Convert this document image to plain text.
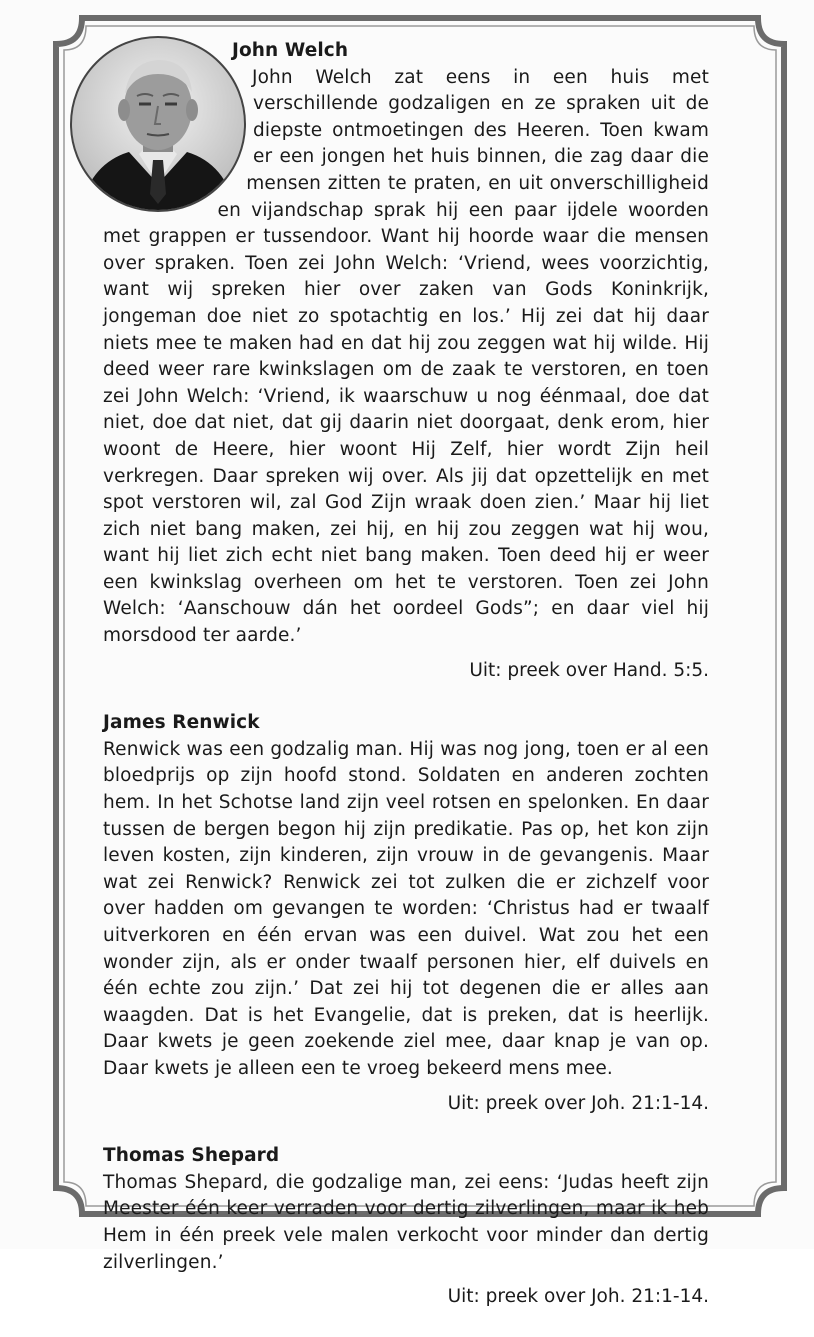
John Welch

John Welch zat eens in een huis met verschillende godzaligen en ze spraken uit de diepste ontmoetingen des Heeren. Toen kwam er een jongen het huis binnen, die zag daar die mensen zitten te praten, en uit onverschilligheid en vijandschap sprak hij een paar ijdele woorden met grappen er tussendoor. Want hij hoorde waar die mensen over spraken. Toen zei John Welch: ‘Vriend, wees voorzichtig, want wij spreken hier over zaken van Gods Koninkrijk, jongeman doe niet zo spotachtig en los.’ Hij zei dat hij daar niets mee te maken had en dat hij zou zeggen wat hij wilde. Hij deed weer rare kwinkslagen om de zaak te verstoren, en toen zei John Welch: ‘Vriend, ik waarschuw u nog éénmaal, doe dat niet, doe dat niet, dat gij daarin niet doorgaat, denk erom, hier woont de Heere, hier woont Hij Zelf, hier wordt Zijn heil verkregen. Daar spreken wij over. Als jij dat opzettelijk en met spot verstoren wil, zal God Zijn wraak doen zien.’ Maar hij liet zich niet bang maken, zei hij, en hij zou zeggen wat hij wou, want hij liet zich echt niet bang maken. Toen deed hij er weer een kwinkslag overheen om het te verstoren. Toen zei John Welch: ‘Aanschouw dán het oordeel Gods”; en daar viel hij morsdood ter aarde.’

Uit: preek over Hand. 5:5.

James Renwick

Renwick was een godzalig man. Hij was nog jong, toen er al een bloedprijs op zijn hoofd stond. Soldaten en anderen zochten hem. In het Schotse land zijn veel rotsen en spelonken. En daar tussen de bergen begon hij zijn predikatie. Pas op, het kon zijn leven kosten, zijn kinderen, zijn vrouw in de gevangenis. Maar wat zei Renwick? Renwick zei tot zulken die er zichzelf voor over hadden om gevangen te worden: ‘Christus had er twaalf uitverkoren en één ervan was een duivel. Wat zou het een wonder zijn, als er onder twaalf personen hier, elf duivels en één echte zou zijn.’ Dat zei hij tot degenen die er alles aan waagden. Dat is het Evangelie, dat is preken, dat is heerlijk. Daar kwets je geen zoekende ziel mee, daar knap je van op. Daar kwets je alleen een te vroeg bekeerd mens mee.

Uit: preek over Joh. 21:1-14.

Thomas Shepard

Thomas Shepard, die godzalige man, zei eens: ‘Judas heeft zijn Meester één keer verraden voor dertig zilverlingen, maar ik heb Hem in één preek vele malen verkocht voor minder dan dertig zilverlingen.’

Uit: preek over Joh. 21:1-14.
